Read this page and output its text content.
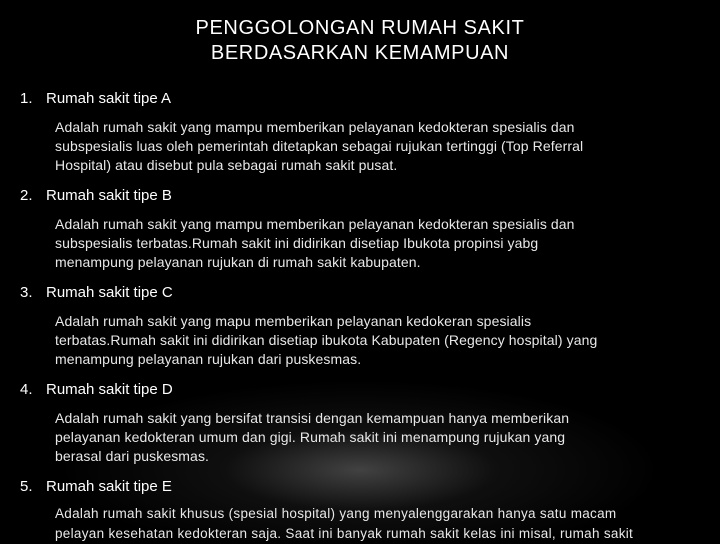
PENGGOLONGAN RUMAH SAKIT
BERDASARKAN KEMAMPUAN
1. Rumah sakit tipe A
Adalah rumah sakit yang mampu memberikan pelayanan kedokteran spesialis dan
subspesialis luas oleh pemerintah ditetapkan sebagai rujukan tertinggi (Top Referral
Hospital) atau disebut pula sebagai rumah sakit pusat.
2. Rumah sakit tipe B
Adalah rumah sakit yang mampu memberikan pelayanan kedokteran spesialis dan
subspesialis terbatas.Rumah sakit ini didirikan disetiap Ibukota propinsi yabg
menampung pelayanan rujukan di rumah sakit kabupaten.
3. Rumah sakit tipe C
Adalah rumah sakit yang mapu memberikan pelayanan kedokeran spesialis
terbatas.Rumah sakit ini didirikan disetiap ibukota Kabupaten (Regency hospital) yang
menampung pelayanan rujukan dari puskesmas.
4. Rumah sakit tipe D
Adalah rumah sakit yang bersifat transisi dengan kemampuan hanya memberikan
pelayanan kedokteran umum dan gigi. Rumah sakit ini menampung rujukan yang
berasal dari puskesmas.
5. Rumah sakit tipe E
Adalah rumah sakit khusus (spesial hospital) yang menyalenggarakan hanya satu macam
pelayan kesehatan kedokteran saja. Saat ini banyak rumah sakit kelas ini misal, rumah sakit
